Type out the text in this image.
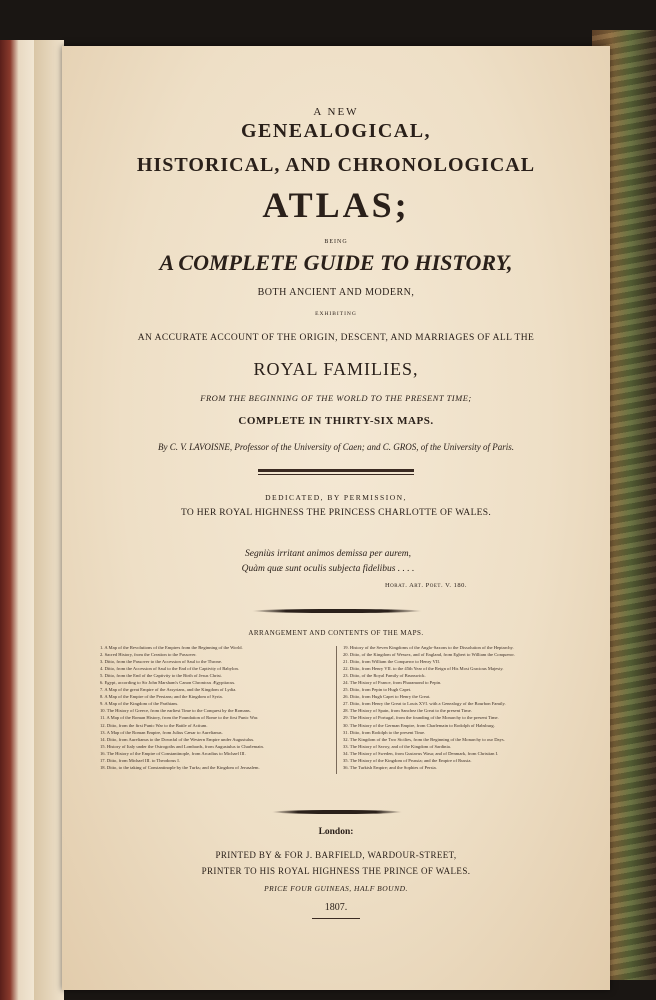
A NEW
GENEALOGICAL,
HISTORICAL, AND CHRONOLOGICAL
ATLAS;
BEING
A COMPLETE GUIDE TO HISTORY,
BOTH ANCIENT AND MODERN,
EXHIBITING
AN ACCURATE ACCOUNT OF THE ORIGIN, DESCENT, AND MARRIAGES OF ALL THE
ROYAL FAMILIES,
FROM THE BEGINNING OF THE WORLD TO THE PRESENT TIME;
COMPLETE IN THIRTY-SIX MAPS.
By C. V. LAVOISNE, Professor of the University of Caen; and C. GROS, of the University of Paris.
DEDICATED, BY PERMISSION,
TO HER ROYAL HIGHNESS THE PRINCESS CHARLOTTE OF WALES.
Segniùs irritant animos demissa per aurem,
Quàm quæ sunt oculis subjecta fidelibus . . . .
Horat. Art. Poet. V. 180.
ARRANGEMENT AND CONTENTS OF THE MAPS.
1. A Map of the Revolutions of the Empires from the Beginning of the World.
2. Sacred History, from the Creation to the Passover.
3. Ditto, from the Passover to the Accession of Saul to the Throne.
4. Ditto, from the Accession of Saul to the End of the Captivity of Babylon.
5. Ditto, from the End of the Captivity to the Birth of Jesus Christ.
6. Egypt, according to Sir John Marsham's Canon Chronicus Ægyptiacus.
7. A Map of the great Empire of the Assyrians, and the Kingdom of Lydia.
8. A Map of the Empire of the Persians; and the Kingdom of Syria.
9. A Map of the Kingdom of the Parthians.
10. The History of Greece, from the earliest Time to the Conquest by the Romans.
11. A Map of the Roman History, from the Foundation of Rome to the first Punic War.
12. Ditto, from the first Punic War to the Battle of Actium.
13. A Map of the Roman Empire, from Julius Cæsar to Aurelianus.
14. Ditto, from Aurelianus to the Downfal of the Western Empire under Augustulus.
15. History of Italy under the Ostrogoths and Lombards, from Augustulus to Charlemain.
16. The History of the Empire of Constantinople, from Arcadius to Michael III.
17. Ditto, from Michael III. to Theodorus I.
18. Ditto, to the taking of Constantinople by the Turks; and the Kingdom of Jerusalem.
19. History of the Seven Kingdoms of the Anglo-Saxons to the Dissolution of the Heptarchy.
20. Ditto, of the Kingdom of Wessex, and of England, from Egbert to William the Conqueror.
21. Ditto, from William the Conqueror to Henry VII.
22. Ditto, from Henry VII. to the 45th Year of the Reign of His Most Gracious Majesty.
23. Ditto, of the Royal Family of Brunswick.
24. The History of France, from Pharamond to Pepin.
25. Ditto, from Pepin to Hugh Capet.
26. Ditto, from Hugh Capet to Henry the Great.
27. Ditto, from Henry the Great to Louis XVI. with a Genealogy of the Bourbon Family.
28. The History of Spain, from Sanchez the Great to the present Time.
29. The History of Portugal, from the founding of the Monarchy to the present Time.
30. The History of the German Empire, from Charlemain to Rodolph of Habsburg.
31. Ditto, from Rodolph to the present Time.
32. The Kingdom of the Two Sicilies, from the Beginning of the Monarchy to our Days.
33. The History of Savoy, and of the Kingdom of Sardinia.
34. The History of Sweden, from Gustavus Wasa; and of Denmark, from Christian I.
35. The History of the Kingdom of Prussia; and the Empire of Russia.
36. The Turkish Empire; and the Sophies of Persia.
London:
PRINTED BY & FOR J. BARFIELD, WARDOUR-STREET,
PRINTER TO HIS ROYAL HIGHNESS THE PRINCE OF WALES.
PRICE FOUR GUINEAS, HALF BOUND.
1807.
